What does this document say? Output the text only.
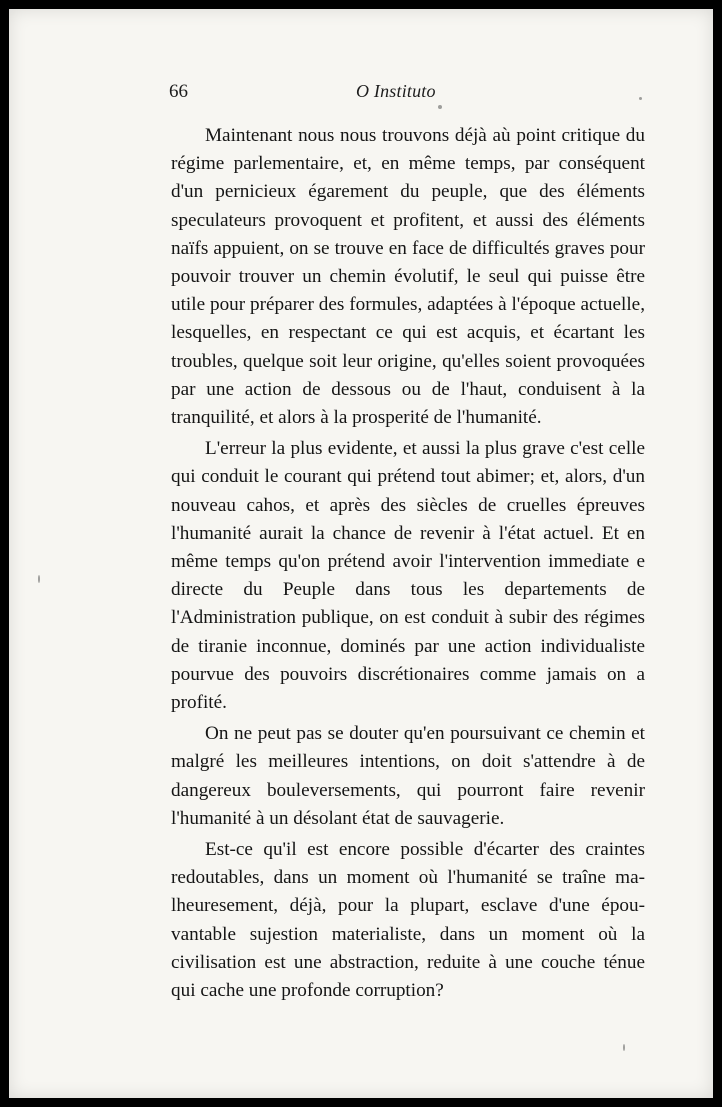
66	O Instituto

Maintenant nous nous trouvons déjà aù point critique du régime parlementaire, et, en même temps, par conséquent d'un pernicieux égarement du peuple, que des éléments speculateurs provoquent et profitent, et aussi des éléments naïfs appuient, on se trouve en face de difficultés graves pour pouvoir trouver un chemin évolutif, le seul qui puisse être utile pour préparer des formules, adaptées à l'époque actuelle, lesquelles, en respectant ce qui est acquis, et écartant les troubles, quelque soit leur origine, qu'elles soient provoquées par une action de dessous ou de l'haut, conduisent à la tranquilité, et alors à la prosperité de l'humanité.

L'erreur la plus evidente, et aussi la plus grave c'est celle qui conduit le courant qui prétend tout abimer; et, alors, d'un nouveau cahos, et après des siècles de cruelles épreuves l'humanité aurait la chance de revenir à l'état actuel. Et en même temps qu'on prétend avoir l'intervention immediate e directe du Peuple dans tous les departements de l'Administration publique, on est conduit à subir des régimes de tiranie inconnue, dominés par une action individualiste pourvue des pouvoirs discrétionaires comme jamais on a profité.

On ne peut pas se douter qu'en poursuivant ce chemin et malgré les meilleures intentions, on doit s'attendre à de dangereux bouleversements, qui pourront faire revenir l'humanité à un désolant état de sauvagerie.

Est-ce qu'il est encore possible d'écarter des craintes redoutables, dans un moment où l'humanité se traîne malheuresement, déjà, pour la plupart, esclave d'une épouvantable sujestion materialiste, dans un moment où la civilisation est une abstraction, reduite à une couche ténue qui cache une profonde corruption?
